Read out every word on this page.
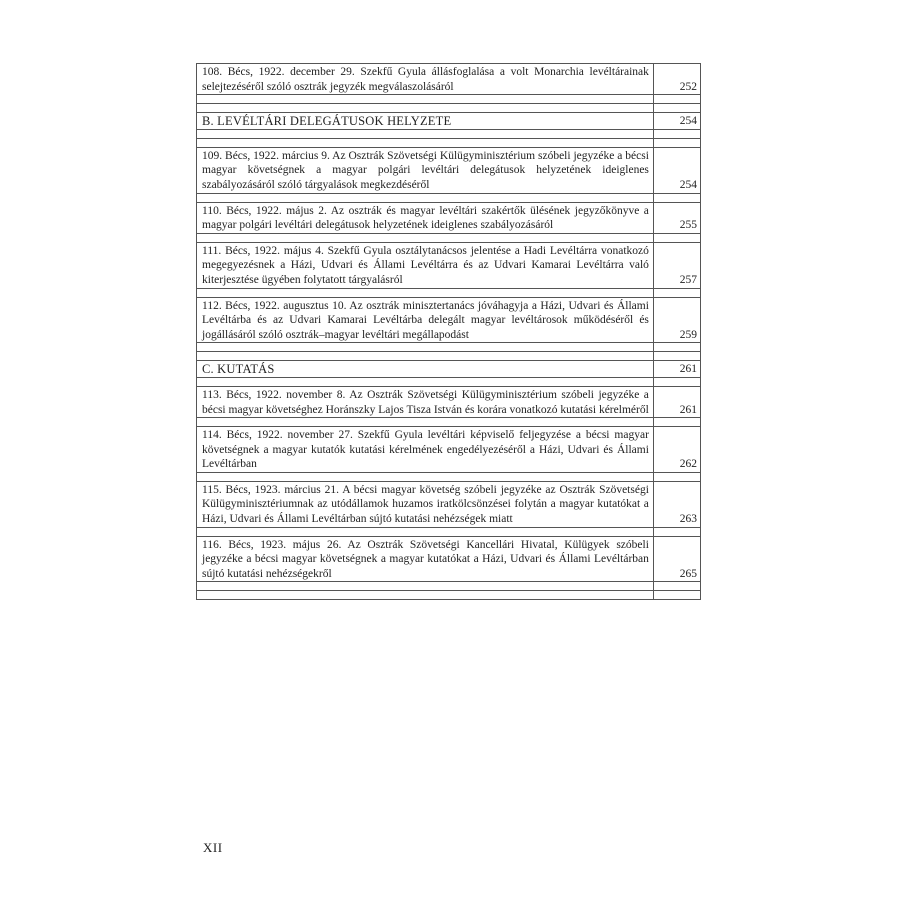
108. Bécs, 1922. december 29. Szekfű Gyula állásfoglalása a volt Monarchia levéltárainak selejtezéséről szóló osztrák jegyzék megválaszolásáról	252

B. LEVÉLTÁRI DELEGÁTUSOK HELYZETE	254

109. Bécs, 1922. március 9. Az Osztrák Szövetségi Külügyminisztérium szóbeli jegyzéke a bécsi magyar követségnek a magyar polgári levéltári delegátusok helyzetének ideiglenes szabályozásáról szóló tárgyalások megkezdéséről	254

110. Bécs, 1922. május 2. Az osztrák és magyar levéltári szakértők ülésének jegyzőkönyve a magyar polgári levéltári delegátusok helyzetének ideiglenes szabályozásáról	255

111. Bécs, 1922. május 4. Szekfű Gyula osztálytanácsos jelentése a Hadi Levéltárra vonatkozó megegyezésnek a Házi, Udvari és Állami Levéltárra és az Udvari Kamarai Levéltárra való kiterjesztése ügyében folytatott tárgyalásról	257

112. Bécs, 1922. augusztus 10. Az osztrák minisztertanács jóváhagyja a Házi, Udvari és Állami Levéltárba és az Udvari Kamarai Levéltárba delegált magyar levéltárosok működéséről és jogállásáról szóló osztrák–magyar levéltári megállapodást	259

C. KUTATÁS	261

113. Bécs, 1922. november 8. Az Osztrák Szövetségi Külügyminisztérium szóbeli jegyzéke a bécsi magyar követséghez Horánszky Lajos Tisza István és korára vonatkozó kutatási kérelméről	261

114. Bécs, 1922. november 27. Szekfű Gyula levéltári képviselő feljegyzése a bécsi magyar követségnek a magyar kutatók kutatási kérelmének engedélyezéséről a Házi, Udvari és Állami Levéltárban	262

115. Bécs, 1923. március 21. A bécsi magyar követség szóbeli jegyzéke az Osztrák Szövetségi Külügyminisztériumnak az utódállamok huzamos iratkölcsönzései folytán a magyar kutatókat a Házi, Udvari és Állami Levéltárban sújtó kutatási nehézségek miatt	263

116. Bécs, 1923. május 26. Az Osztrák Szövetségi Kancellári Hivatal, Külügyek szóbeli jegyzéke a bécsi magyar követségnek a magyar kutatókat a Házi, Udvari és Állami Levéltárban sújtó kutatási nehézségekről	265

XII
